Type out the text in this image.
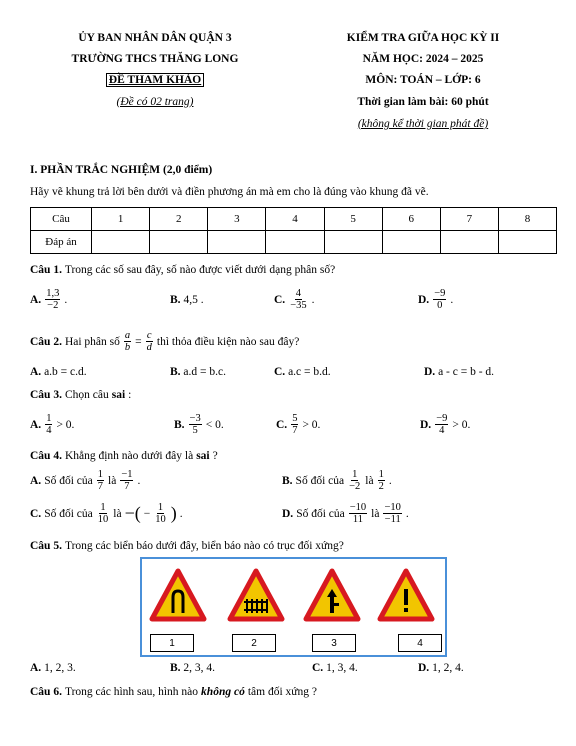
ỦY BAN NHÂN DÂN QUẬN 3
TRƯỜNG THCS THĂNG LONG
ĐỀ THAM KHẢO
(Đề có 02 trang)
KIỂM TRA GIỮA HỌC KỲ II
NĂM HỌC: 2024 – 2025
MÔN: TOÁN – LỚP: 6
Thời gian làm bài: 60 phút
(không kể thời gian phát đề)
I. PHẦN TRẮC NGHIỆM (2,0 điểm)
Hãy vẽ khung trả lời bên dưới và điền phương án mà em cho là đúng vào khung đã vẽ.
Câu	1	2	3	4	5	6	7	8
Đáp án								
Câu 1.
Trong các số sau đây, số nào được viết dưới dạng phân số?
A. $\frac{1,3}{-2}$ .	B. 4,5 .	C. $\frac{4}{-35}$ .	D. $\frac{-9}{0}$ .
Câu 2. Hai phân số $\frac{a}{b} = \frac{c}{d}$ thì thỏa điều kiện nào sau đây?
A. a.b = c.d.	B. a.d = b.c.	C. a.c = b.d.	D. a - c = b - d.
Câu 3. Chọn câu sai :
A. $\frac{1}{4} > 0$.	B. $\frac{-3}{5} < 0$.	C. $\frac{5}{7} > 0$.	D. $\frac{-9}{4} > 0$.
Câu 4. Khẳng định nào dưới đây là sai ?
A. Số đối của $\frac{1}{7}$ là $\frac{-1}{7}$ .	B. Số đối của $\frac{1}{-2}$ là $\frac{1}{2}$ .
C. Số đối của $\frac{1}{10}$ là −( − $\frac{1}{10}$ ) .	D. Số đối của $\frac{-10}{11}$ là $\frac{-10}{-11}$ .
Câu 5. Trong các biển báo dưới đây, biển báo nào có trục đối xứng?
1	2	3	4
A. 1, 2, 3.	B. 2, 3, 4.	C. 1, 3, 4.	D. 1, 2, 4.
Câu 6. Trong các hình sau, hình nào không có tâm đối xứng ?
